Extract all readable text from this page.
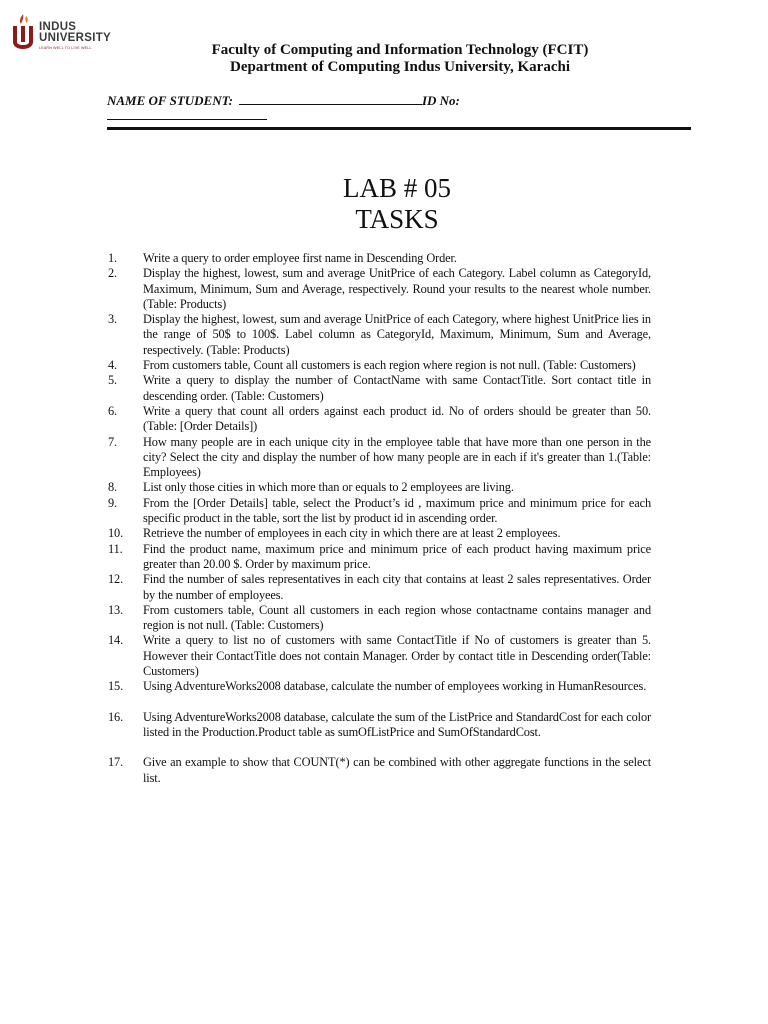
INDUS
UNIVERSITY
LEARN WELL TO LIVE WELL	Faculty of Computing and Information Technology (FCIT)
Department of Computing Indus University, Karachi
NAME OF STUDENT:	ID No:
LAB # 05
TASKS
1.	Write a query to order employee first name in Descending Order.
2.	Display the highest, lowest, sum and average UnitPrice of each Category. Label column as CategoryId, Maximum, Minimum, Sum and Average, respectively. Round your results to the nearest whole number. (Table: Products)
3.	Display the highest, lowest, sum and average UnitPrice of each Category, where highest UnitPrice lies in the range of 50$ to 100$. Label column as CategoryId, Maximum, Minimum, Sum and Average, respectively. (Table: Products)
4.	From customers table, Count all customers is each region where region is not null. (Table: Customers)
5.	Write a query to display the number of ContactName with same ContactTitle. Sort contact title in descending order. (Table: Customers)
6.	Write a query that count all orders against each product id. No of orders should be greater than 50. (Table: [Order Details])
7.	How many people are in each unique city in the employee table that have more than one person in the city? Select the city and display the number of how many people are in each if it's greater than 1.(Table: Employees)
8.	List only those cities in which more than or equals to 2 employees are living.
9.	From the [Order Details] table, select the Product’s id , maximum price and minimum price for each specific product in the table, sort the list by product id in ascending order.
10.	Retrieve the number of employees in each city in which there are at least 2 employees.
11.	Find the product name, maximum price and minimum price of each product having maximum price greater than 20.00 $. Order by maximum price.
12.	Find the number of sales representatives in each city that contains at least 2 sales representatives. Order by the number of employees.
13.	From customers table, Count all customers in each region whose contactname contains manager and region is not null. (Table: Customers)
14.	Write a query to list no of customers with same ContactTitle if No of customers is greater than 5. However their ContactTitle does not contain Manager. Order by contact title in Descending order(Table: Customers)
15.	Using AdventureWorks2008 database, calculate the number of employees working in HumanResources.
16.	Using AdventureWorks2008 database, calculate the sum of the ListPrice and StandardCost for each color listed in the Production.Product table as sumOfListPrice and SumOfStandardCost.
17.	Give an example to show that COUNT(*) can be combined with other aggregate functions in the select list.
